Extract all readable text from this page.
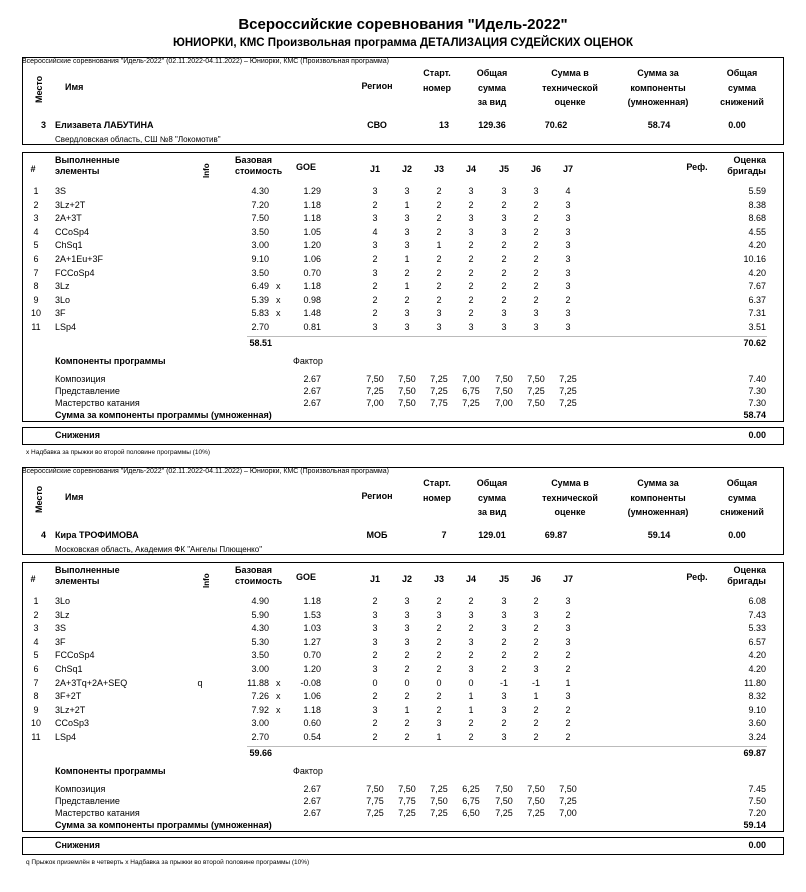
Всероссийские соревнования "Идель-2022"
ЮНИОРКИ, КМС Произвольная программа ДЕТАЛИЗАЦИЯ СУДЕЙСКИХ ОЦЕНОК
Всероссийские соревнования "Идель-2022" (02.11.2022-04.11.2022) – Юниорки, КМС (Произвольная программа)
Место Имя	Регион
Старт.
номер
Общая
сумма
за вид
Сумма в
технической
оценке
Сумма за
компоненты
(умноженная)
Общая
сумма
снижений
3 Елизавета ЛАБУТИНА
Свердловская область, СШ №8 "Локомотив"
СВО	13	129.36	70.62	58.74	0.00
#
Выполненные
элементы	Info
Базовая
стоимость	GOE	J1	J2	J3	J4	J5	J6	J7	Реф.
Оценка
бригады
1	3S	4.30	1.29	3	3	2	3	3	3	4	5.59
2	3Lz+2T	7.20	1.18	2	1	2	2	2	2	3	8.38
3	2A+3T	7.50	1.18	3	3	2	3	3	2	3	8.68
4	CCoSp4	3.50	1.05	4	3	2	3	3	2	3	4.55
5	ChSq1	3.00	1.20	3	3	1	2	2	2	3	4.20
6	2A+1Eu+3F	9.10	1.06	2	1	2	2	2	2	3	10.16
7	FCCoSp4	3.50	0.70	3	2	2	2	2	2	3	4.20
8	3Lz	6.49 x	1.18	2	1	2	2	2	2	3	7.67
9	3Lo	5.39 x	0.98	2	2	2	2	2	2	2	6.37
10	3F	5.83 x	1.48	2	3	3	2	3	3	3	7.31
11	LSp4	2.70	0.81	3	3	3	3	3	3	3	3.51
58.51	70.62
Компоненты программы	Фактор
Композиция	2.67	7,50	7,50	7,25	7,00	7,50	7,50	7,25	7.40
Представление	2.67	7,25	7,50	7,25	6,75	7,50	7,25	7,25	7.30
Мастерство катания	2.67	7,00	7,50	7,75	7,25	7,00	7,50	7,25	7.30
Сумма за компоненты программы (умноженная)	58.74
Снижения	0.00
x Надбавка за прыжки во второй половине программы (10%)
Всероссийские соревнования "Идель-2022" (02.11.2022-04.11.2022) – Юниорки, КМС (Произвольная программа)
Место Имя	Регион
Старт.
номер
Общая
сумма
за вид
Сумма в
технической
оценке
Сумма за
компоненты
(умноженная)
Общая
сумма
снижений
4 Кира ТРОФИМОВА
Московская область, Академия ФК "Ангелы Плющенко"
МОБ	7	129.01	69.87	59.14	0.00
#
Выполненные
элементы	Info
Базовая
стоимость	GOE	J1	J2	J3	J4	J5	J6	J7	Реф.
Оценка
бригады
1	3Lo	4.90	1.18	2	3	2	2	3	2	3	6.08
2	3Lz	5.90	1.53	3	3	3	3	3	3	2	7.43
3	3S	4.30	1.03	3	3	2	2	3	2	3	5.33
4	3F	5.30	1.27	3	3	2	3	2	2	3	6.57
5	FCCoSp4	3.50	0.70	2	2	2	2	2	2	2	4.20
6	ChSq1	3.00	1.20	3	2	2	3	2	3	2	4.20
7	2A+3Tq+2A+SEQ	q	11.88 x	-0.08	0	0	0	0	-1	-1	1	11.80
8	3F+2T	7.26 x	1.06	2	2	2	1	3	1	3	8.32
9	3Lz+2T	7.92 x	1.18	3	1	2	1	3	2	2	9.10
10	CCoSp3	3.00	0.60	2	2	3	2	2	2	2	3.60
11	LSp4	2.70	0.54	2	2	1	2	3	2	2	3.24
59.66	69.87
Компоненты программы	Фактор
Композиция	2.67	7,50	7,50	7,25	6,25	7,50	7,50	7,50	7.45
Представление	2.67	7,75	7,75	7,50	6,75	7,50	7,50	7,25	7.50
Мастерство катания	2.67	7,25	7,25	7,25	6,50	7,25	7,25	7,00	7.20
Сумма за компоненты программы (умноженная)	59.14
Снижения	0.00
q Прыжок приземлён в четверть x Надбавка за прыжки во второй половине программы (10%)
